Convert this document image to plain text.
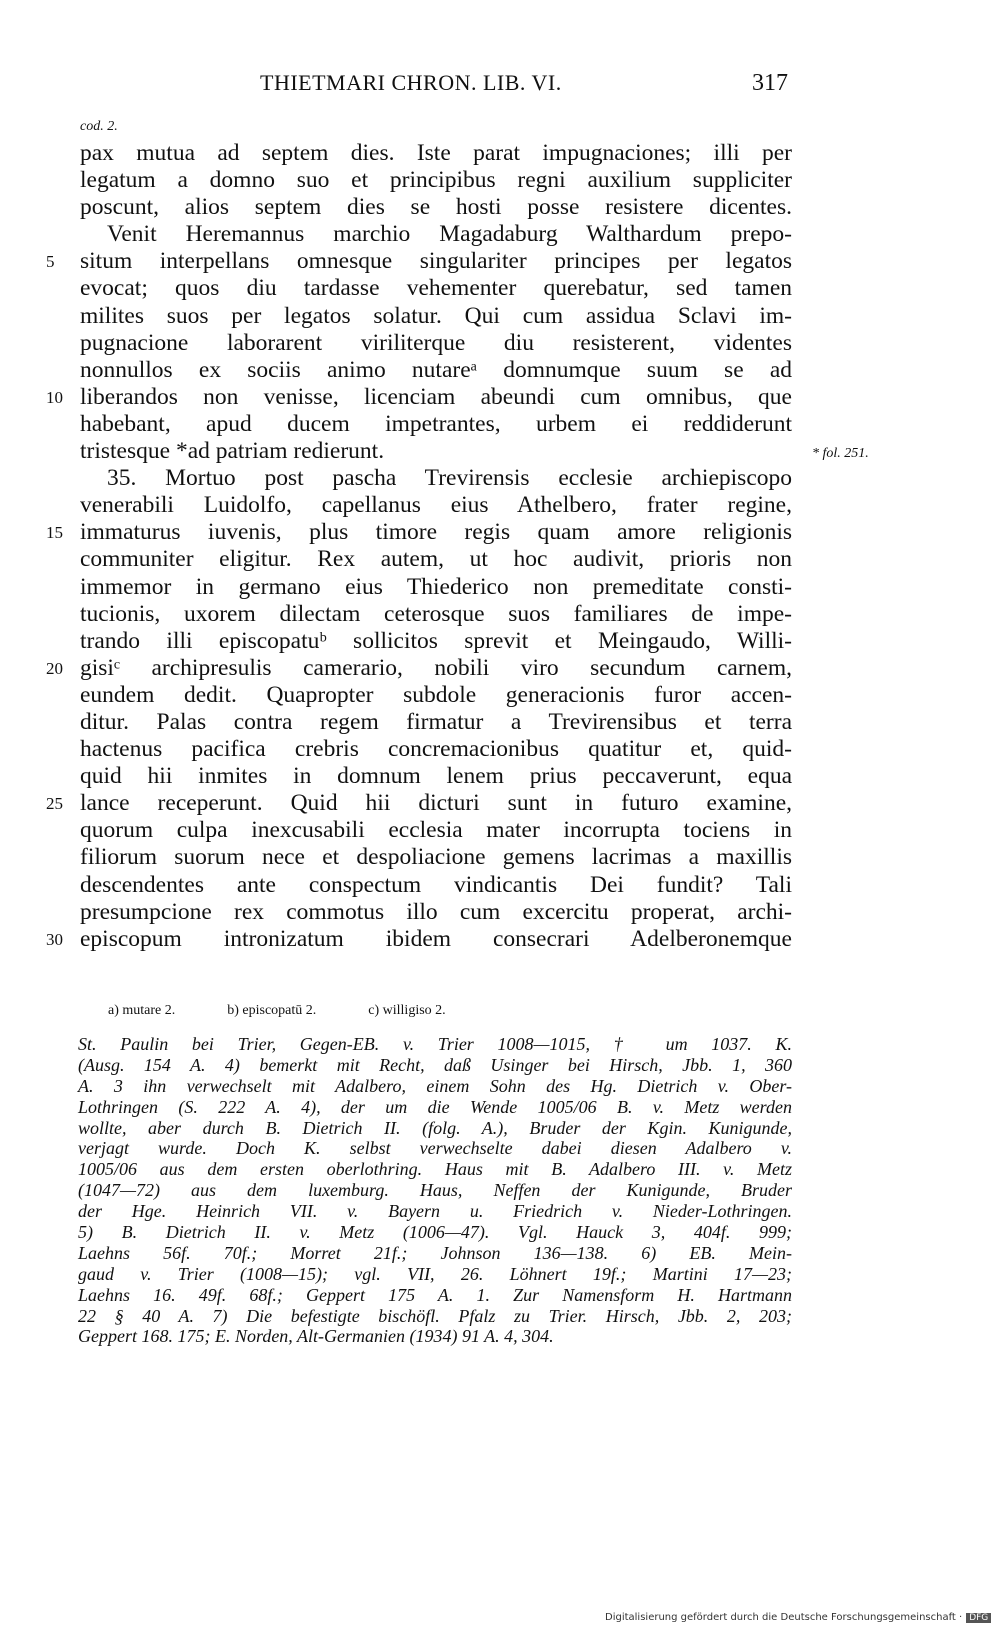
THIETMARI CHRON. LIB. VI.	317
cod. 2.
pax mutua ad septem dies. Iste parat impugnaciones; illi per
legatum a domno suo et principibus regni auxilium suppliciter
poscunt, alios septem dies se hosti posse resistere dicentes.
Venit Heremannus marchio Magadaburg Walthardum prepo-
5	situm interpellans omnesque singulariter principes per legatos
evocat; quos diu tardasse vehementer querebatur, sed tamen
milites suos per legatos solatur. Qui cum assidua Sclavi im-
pugnacione laborarent viriliterque diu resisterent, videntes
nonnullos ex sociis animo nutareᵃ domnumque suum se ad
10 liberandos non venisse, licenciam abeundi cum omnibus, que
habebant, apud ducem impetrantes, urbem ei reddiderunt
tristesque *ad patriam redierunt.	* fol. 251.
35. Mortuo post pascha Trevirensis ecclesie archiepiscopo
venerabili Luidolfo, capellanus eius Athelbero, frater regine,
15 immaturus iuvenis, plus timore regis quam amore religionis
communiter eligitur. Rex autem, ut hoc audivit, prioris non
immemor in germano eius Thiederico non premeditate consti-
tucionis, uxorem dilectam ceterosque suos familiares de impe-
trando illi episcopatuᵇ sollicitos sprevit et Meingaudo, Willi-
20 gisiᶜ archipresulis camerario, nobili viro secundum carnem,
eundem dedit. Quapropter subdole generacionis furor accen-
ditur. Palas contra regem firmatur a Trevirensibus et terra
hactenus pacifica crebris concremacionibus quatitur et, quid-
quid hii inmites in domnum lenem prius peccaverunt, equa
25 lance receperunt. Quid hii dicturi sunt in futuro examine,
quorum culpa inexcusabili ecclesia mater incorrupta tociens in
filiorum suorum nece et despoliacione gemens lacrimas a maxillis
descendentes ante conspectum vindicantis Dei fundit? Tali
presumpcione rex commotus illo cum excercitu properat, archi-
30 episcopum intronizatum ibidem consecrari Adelberonemque
a) mutare 2.	b) episcopatū 2.	c) willigiso 2.
St. Paulin bei Trier, Gegen-EB. v. Trier 1008—1015, † um 1037. K.
(Ausg. 154 A. 4) bemerkt mit Recht, daß Usinger bei Hirsch, Jbb. 1, 360
A. 3 ihn verwechselt mit Adalbero, einem Sohn des Hg. Dietrich v. Ober-
Lothringen (S. 222 A. 4), der um die Wende 1005/06 B. v. Metz werden
wollte, aber durch B. Dietrich II. (folg. A.), Bruder der Kgin. Kunigunde,
verjagt wurde. Doch K. selbst verwechselte dabei diesen Adalbero v.
1005/06 aus dem ersten oberlothring. Haus mit B. Adalbero III. v. Metz
(1047—72) aus dem luxemburg. Haus, Neffen der Kunigunde, Bruder
der Hge. Heinrich VII. v. Bayern u. Friedrich v. Nieder-Lothringen.
5) B. Dietrich II. v. Metz (1006—47). Vgl. Hauck 3, 404f. 999;
Laehns 56f. 70f.; Morret 21f.; Johnson 136—138. 6) EB. Mein-
gaud v. Trier (1008—15); vgl. VII, 26. Löhnert 19f.; Martini 17—23;
Laehns 16. 49f. 68f.; Geppert 175 A. 1. Zur Namensform H. Hartmann
22 § 40 A. 7) Die befestigte bischöfl. Pfalz zu Trier. Hirsch, Jbb. 2, 203;
Geppert 168. 175; E. Norden, Alt-Germanien (1934) 91 A. 4, 304.
Digitalisierung gefördert durch die Deutsche Forschungsgemeinschaft · DFG
